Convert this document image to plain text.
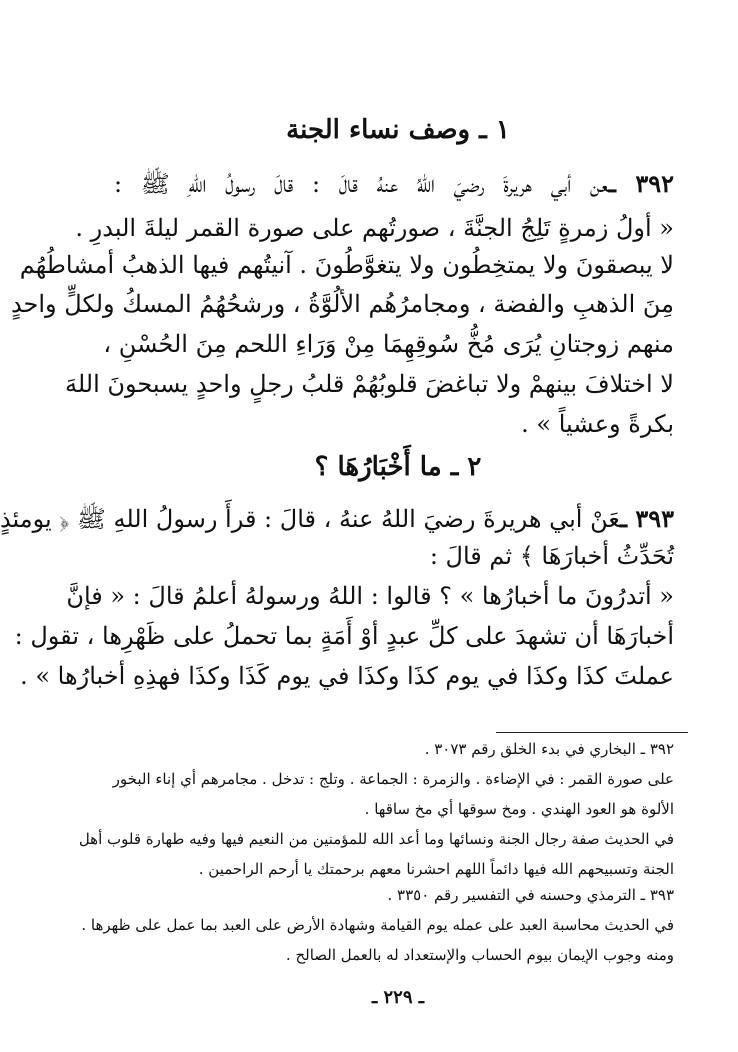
١ ـ وصف نساء الجنة
٣٩٢ ـعن أبي هريرةَ رضيَ اللهُ عنهُ قالَ : قالَ رسولُ اللهِ ﷺ :
« أولُ زمرةٍ تَلِجُ الجنَّةَ ، صورتُهم على صورة القمر ليلةَ البدرِ .
لا يبصقونَ ولا يمتخِطُون ولا يتغوَّطُونَ . آنيتُهم فيها الذهبُ أمشاطُهُم
مِنَ الذهبِ والفضة ، ومجامرُهُم الألُوَّةُ ، ورشحُهُمُ المسكُ ولكلٍّ واحدٍ
منهم زوجتانِ يُرَى مُخُّ سُوقِهِمَا مِنْ وَرَاءِ اللحم مِنَ الحُسْنِ ،
لا اختلافَ بينهمْ ولا تباغضَ قلوبُهُمْ قلبُ رجلٍ واحدٍ يسبحونَ اللهَ
بكرةً وعشياً » .
٢ ـ ما أَخْبَارُهَا ؟
٣٩٣ ـعَنْ أبي هريرةَ رضيَ اللهُ عنهُ ، قالَ : قرأَ رسولُ اللهِ ﷺ ﴿ يومئذٍ
تُحَدِّثُ أخبارَهَا ﴾ ثم قالَ :
« أتدرُونَ ما أخبارُها » ؟ قالوا : اللهُ ورسولهُ أعلمُ قالَ : « فإنَّ
أخبارَهَا أن تشهدَ على كلِّ عبدٍ أوْ أَمَةٍ بما تحملُ على ظَهْرِها ، تقول :
عملتَ كذَا وكذَا في يوم كذَا وكذَا في يوم كَذَا وكذَا فهذِهِ أخبارُها » .
٣٩٢ ـ البخاري في بدء الخلق رقم ٣٠٧٣ .
على صورة القمر : في الإضاءة . والزمرة : الجماعة . وتلج : تدخل . مجامرهم أي إناء البخور
الألوة هو العود الهندي . ومخ سوقها أي مخ ساقها .
في الحديث صفة رجال الجنة ونسائها وما أعد الله للمؤمنين من النعيم فيها وفيه طهارة قلوب أهل
الجنة وتسبيحهم الله فيها دائماً اللهم احشرنا معهم برحمتك يا أرحم الراحمين .
٣٩٣ ـ الترمذي وحسنه في التفسير رقم ٣٣٥٠ .
في الحديث محاسبة العبد على عمله يوم القيامة وشهادة الأرض على العبد بما عمل على ظهرها .
ومنه وجوب الإيمان بيوم الحساب والإستعداد له بالعمل الصالح .
ـ ٢٢٩ ـ
